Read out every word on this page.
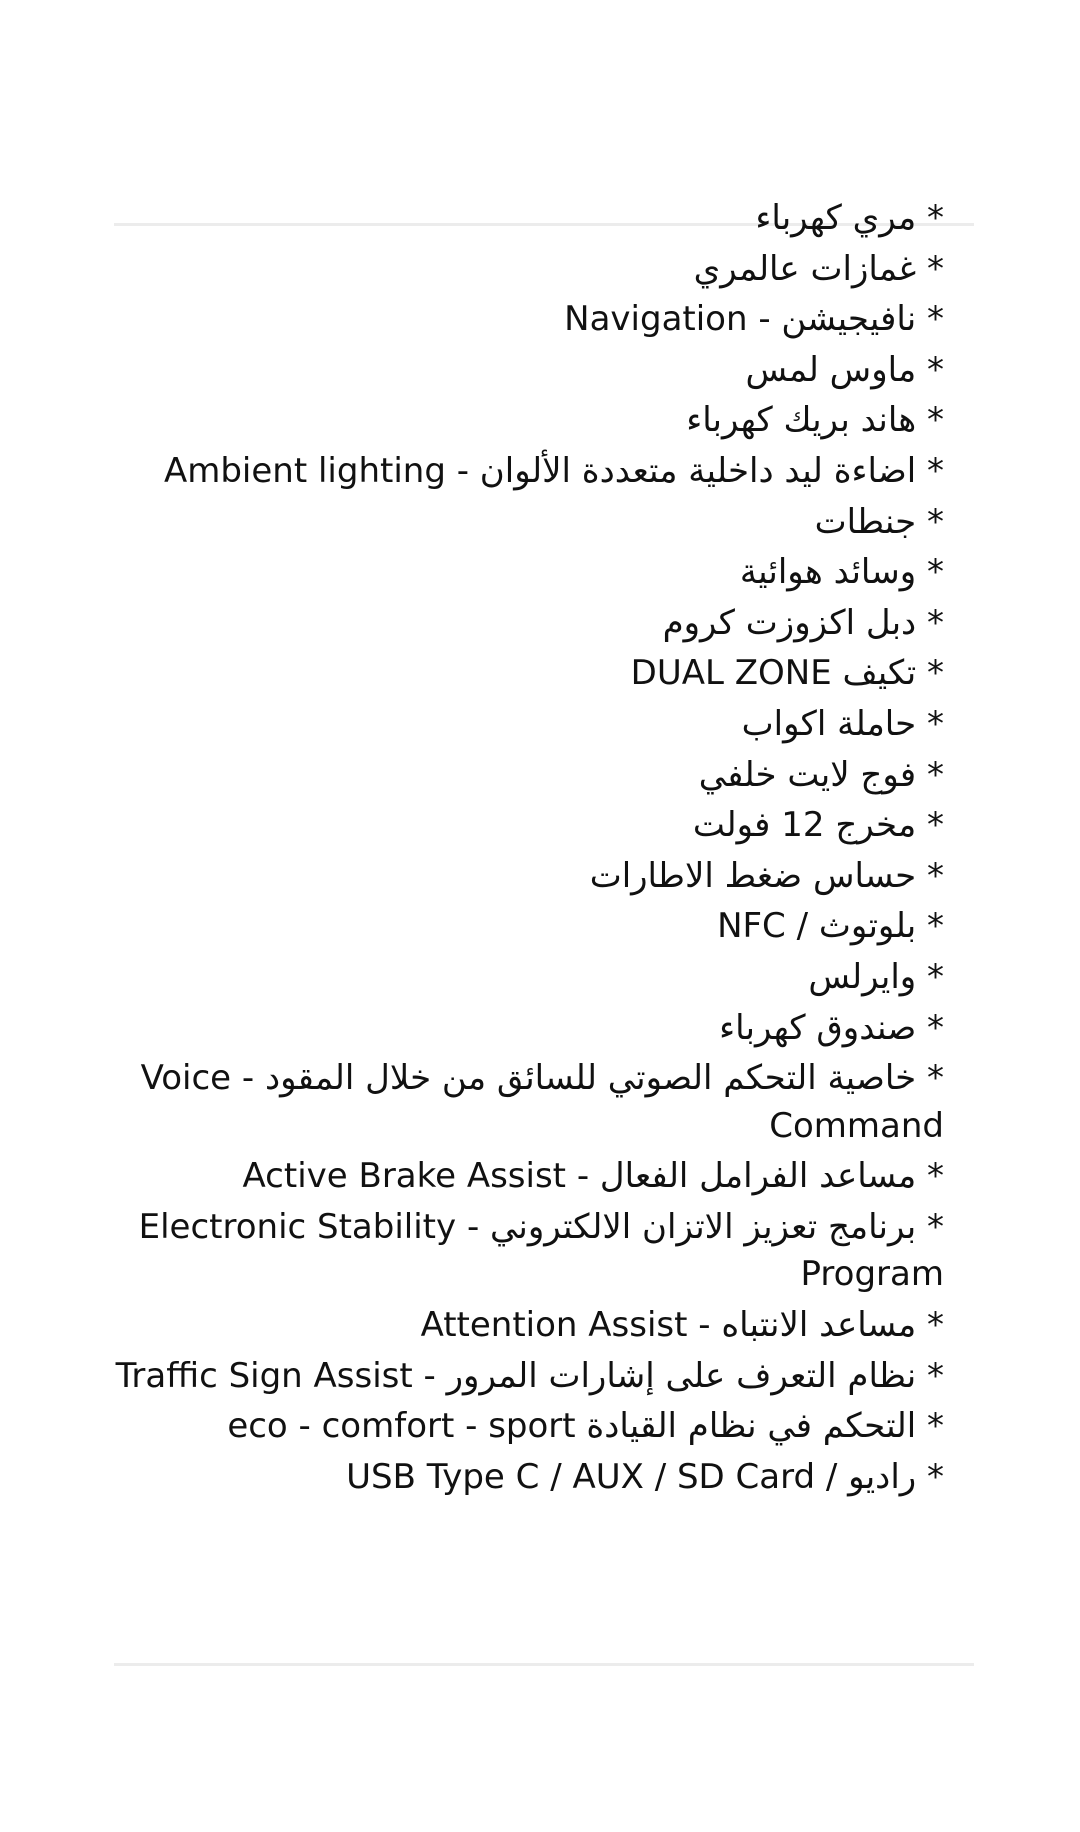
* مري كهرباء
* غمازات عالمري
* نافيجيشن - Navigation
* ماوس لمس
* هاند بريك كهرباء
* اضاءة ليد داخلية متعددة الألوان - Ambient lighting
* جنطات
* وسائد هوائية
* دبل اكزوزت كروم
* تكيف DUAL ZONE
* حاملة اكواب
* فوج لايت خلفي
* مخرج 12 فولت
* حساس ضغط الاطارات
* بلوتوث / NFC
* وايرلس
* صندوق كهرباء
* خاصية التحكم الصوتي للسائق من خلال المقود - Voice Command
* مساعد الفرامل الفعال - Active Brake Assist
* برنامج تعزيز الاتزان الالكتروني - Electronic Stability Program
* مساعد الانتباه - Attention Assist
* نظام التعرف على إشارات المرور - Traffic Sign Assist
* التحكم في نظام القيادة eco - comfort - sport
* راديو / USB Type C / AUX / SD Card
